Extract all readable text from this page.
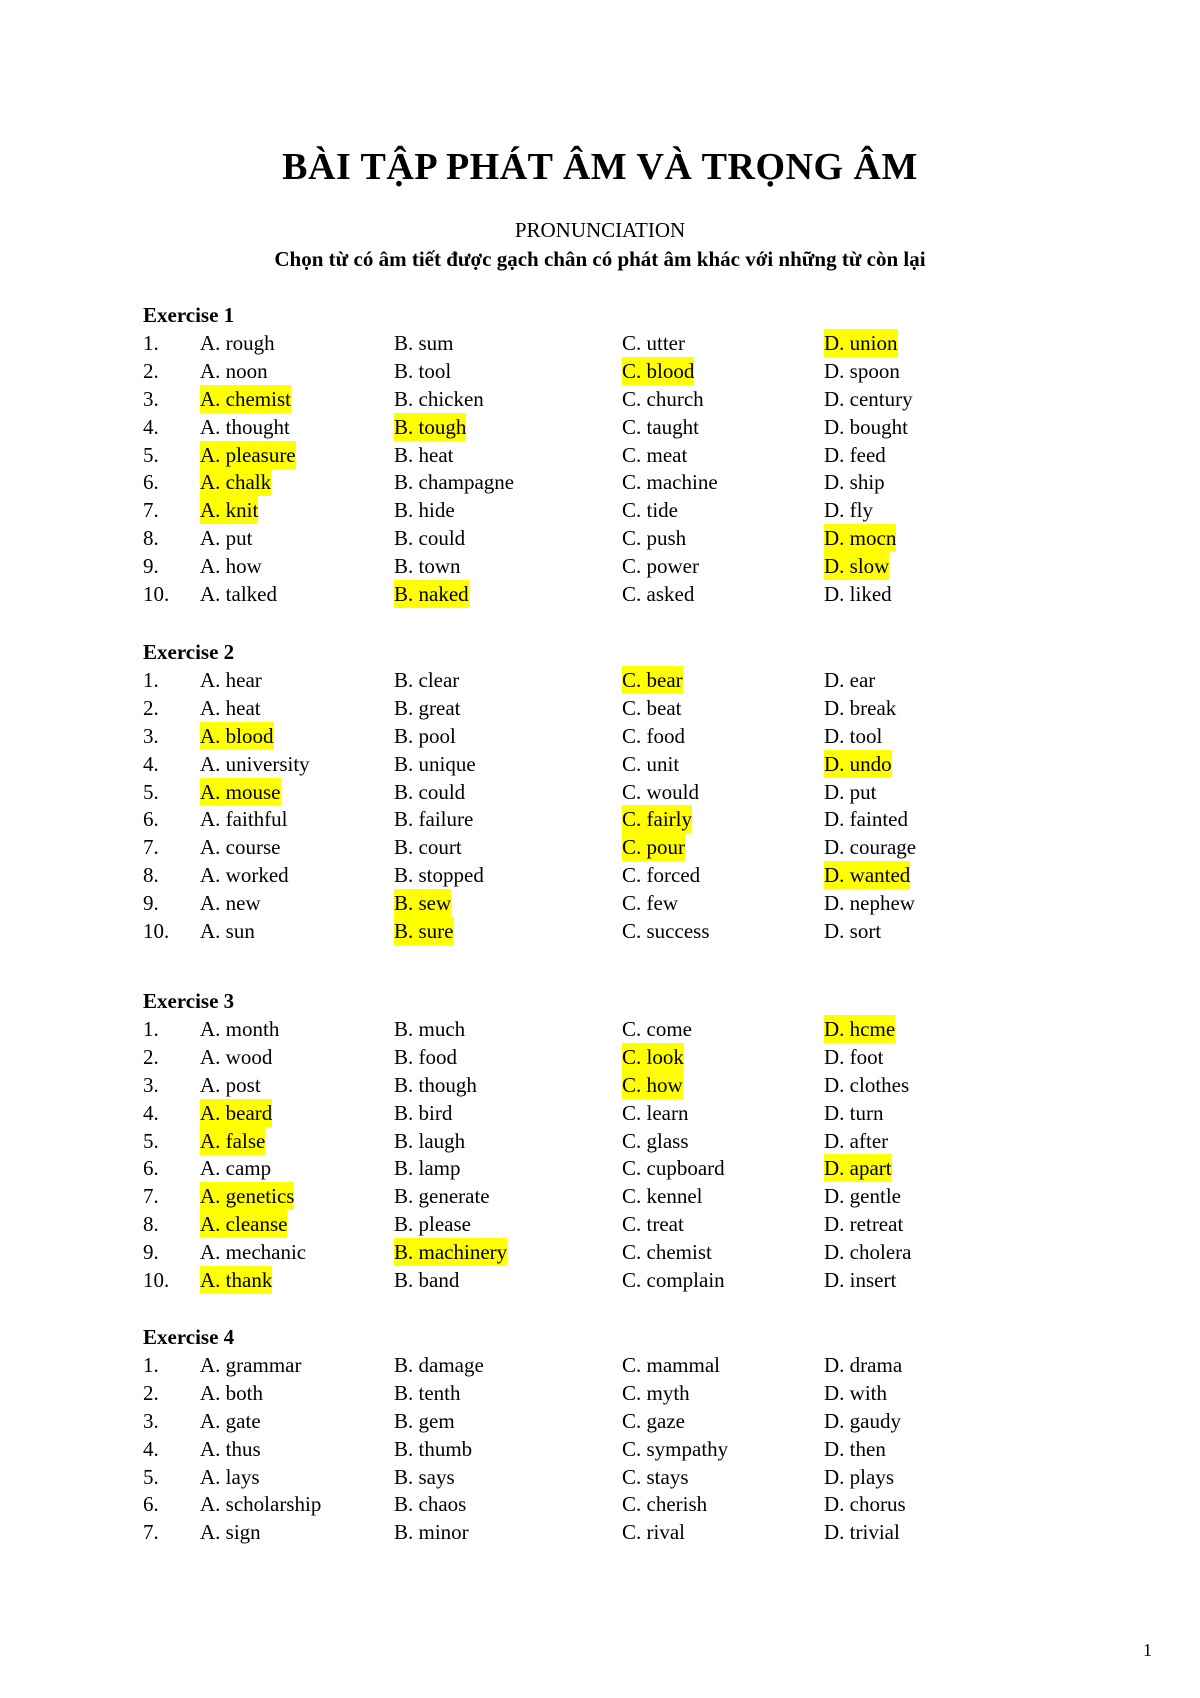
BÀI TẬP PHÁT ÂM VÀ TRỌNG ÂM
PRONUNCIATION
Chọn từ có âm tiết được gạch chân có phát âm khác với những từ còn lại
Exercise 1
1. A. rough	B. sum	C. utter	D. union
2. A. noon	B. tool	C. blood	D. spoon
3. A. chemist	B. chicken	C. church	D. century
4. A. thought	B. tough	C. taught	D. bought
5. A. pleasure	B. heat	C. meat	D. feed
6. A. chalk	B. champagne	C. machine	D. ship
7. A. knit	B. hide	C. tide	D. fly
8. A. put	B. could	C. push	D. mocn
9. A. how	B. town	C. power	D. slow
10. A. talked	B. naked	C. asked	D. liked
Exercise 2
1. A. hear	B. clear	C. bear	D. ear
2. A. heat	B. great	C. beat	D. break
3. A. blood	B. pool	C. food	D. tool
4. A. university	B. unique	C. unit	D. undo
5. A. mouse	B. could	C. would	D. put
6. A. faithful	B. failure	C. fairly	D. fainted
7. A. course	B. court	C. pour	D. courage
8. A. worked	B. stopped	C. forced	D. wanted
9. A. new	B. sew	C. few	D. nephew
10. A. sun	B. sure	C. success	D. sort
Exercise 3
1. A. month	B. much	C. come	D. hcme
2. A. wood	B. food	C. look	D. foot
3. A. post	B. though	C. how	D. clothes
4. A. beard	B. bird	C. learn	D. turn
5. A. false	B. laugh	C. glass	D. after
6. A. camp	B. lamp	C. cupboard	D. apart
7. A. genetics	B. generate	C. kennel	D. gentle
8. A. cleanse	B. please	C. treat	D. retreat
9. A. mechanic	B. machinery	C. chemist	D. cholera
10. A. thank	B. band	C. complain	D. insert
Exercise 4
1. A. grammar	B. damage	C. mammal	D. drama
2. A. both	B. tenth	C. myth	D. with
3. A. gate	B. gem	C. gaze	D. gaudy
4. A. thus	B. thumb	C. sympathy	D. then
5. A. lays	B. says	C. stays	D. plays
6. A. scholarship	B. chaos	C. cherish	D. chorus
7. A. sign	B. minor	C. rival	D. trivial
1
